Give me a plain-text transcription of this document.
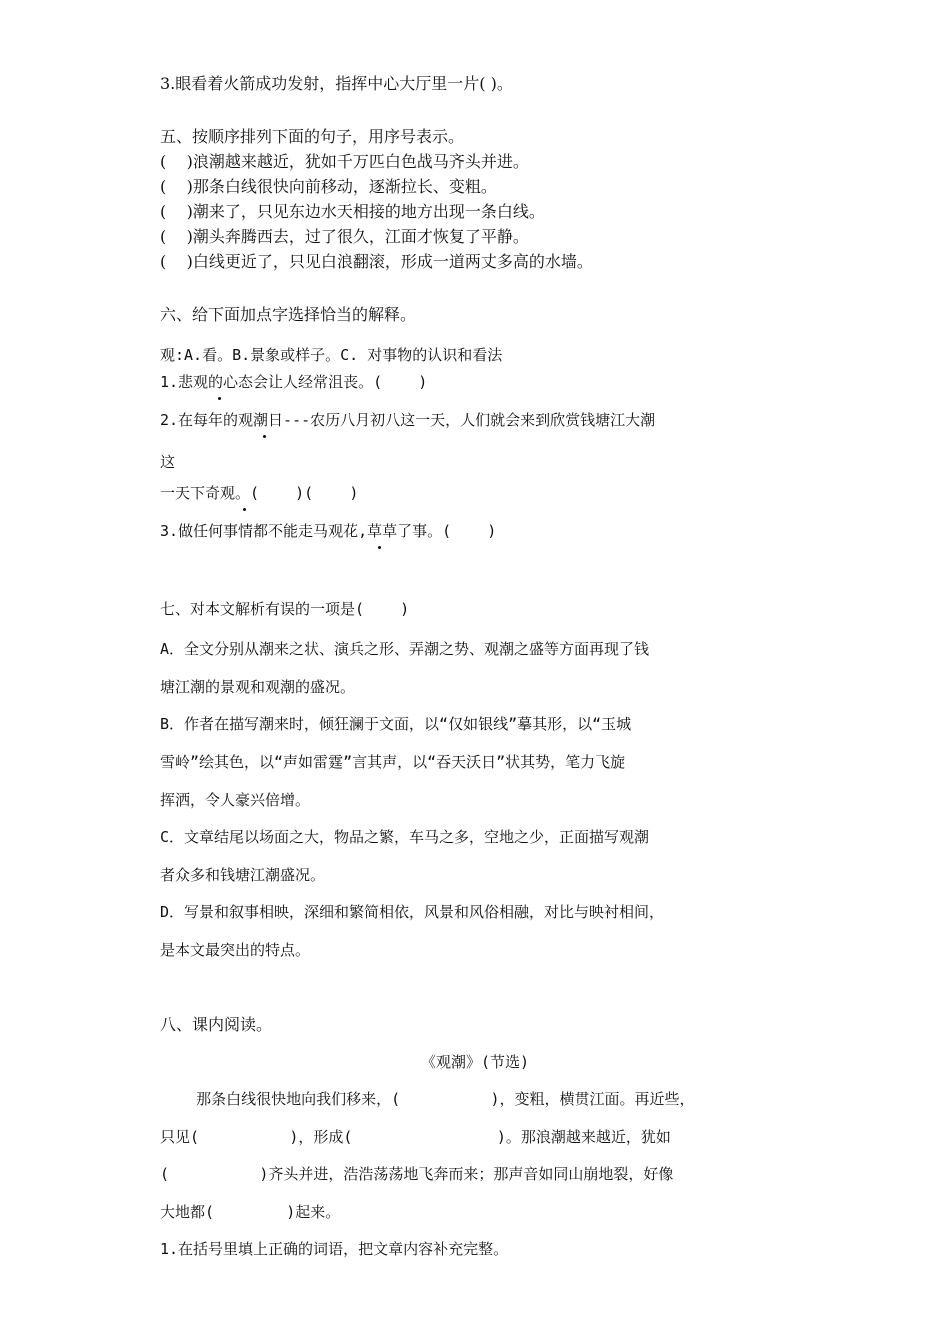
3.眼看着火箭成功发射，指挥中心大厅里一片( )。
五、按顺序排列下面的句子，用序号表示。
(    )浪潮越来越近，犹如千万匹白色战马齐头并进。
(    )那条白线很快向前移动，逐渐拉长、变粗。
(    )潮来了，只见东边水天相接的地方出现一条白线。
(    )潮头奔腾西去，过了很久，江面才恢复了平静。
(    )白线更近了，只见白浪翻滚，形成一道两丈多高的水墙。
六、给下面加点字选择恰当的解释。
观:A.看。B.景象或样子。C. 对事物的认识和看法
1.悲观的心态会让人经常沮丧。(    )
2.在每年的观潮日---农历八月初八这一天，人们就会来到欣赏钱塘江大潮
这
一天下奇观。(    )(    )
3.做任何事情都不能走马观花,草草了事。(    )
七、对本文解析有误的一项是(    )
A．全文分别从潮来之状、演兵之形、弄潮之势、观潮之盛等方面再现了钱
塘江潮的景观和观潮的盛况。
B．作者在描写潮来时，倾狂澜于文面，以“仅如银线”摹其形，以“玉城
雪岭”绘其色，以“声如雷霆”言其声，以“吞天沃日”状其势，笔力飞旋
挥洒，令人豪兴倍增。
C．文章结尾以场面之大，物品之繁，车马之多，空地之少，正面描写观潮
者众多和钱塘江潮盛况。
D．写景和叙事相映，深细和繁简相依，风景和风俗相融，对比与映衬相间，
是本文最突出的特点。
八、课内阅读。
《观潮》(节选)
那条白线很快地向我们移来，(          )，变粗，横贯江面。再近些，
只见(          )，形成(                )。那浪潮越来越近，犹如
(          )齐头并进，浩浩荡荡地飞奔而来；那声音如同山崩地裂，好像
大地都(        )起来。
1.在括号里填上正确的词语，把文章内容补充完整。
